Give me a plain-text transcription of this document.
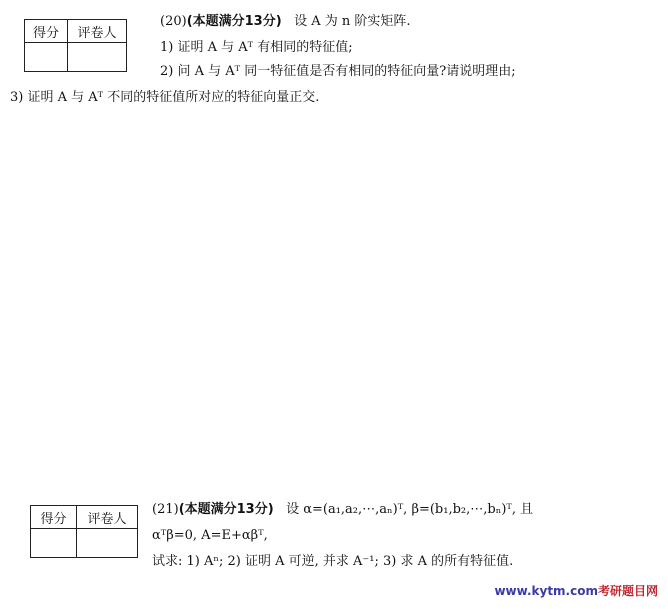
得分	评卷人

(20)(本题满分13分) 设 A 为 n 阶实矩阵.
1) 证明 A 与 Aᵀ 有相同的特征值;
2) 问 A 与 Aᵀ 同一特征值是否有相同的特征向量?请说明理由;
3) 证明 A 与 Aᵀ 不同的特征值所对应的特征向量正交.
得分	评卷人

(21)(本题满分13分) 设 α=(a₁,a₂,⋯,aₙ)ᵀ, β=(b₁,b₂,⋯,bₙ)ᵀ, 且
αᵀβ=0, A=E+αβᵀ,
试求: 1) Aⁿ; 2) 证明 A 可逆, 并求 A⁻¹; 3) 求 A 的所有特征值.
www.kytm.com考研题目网
